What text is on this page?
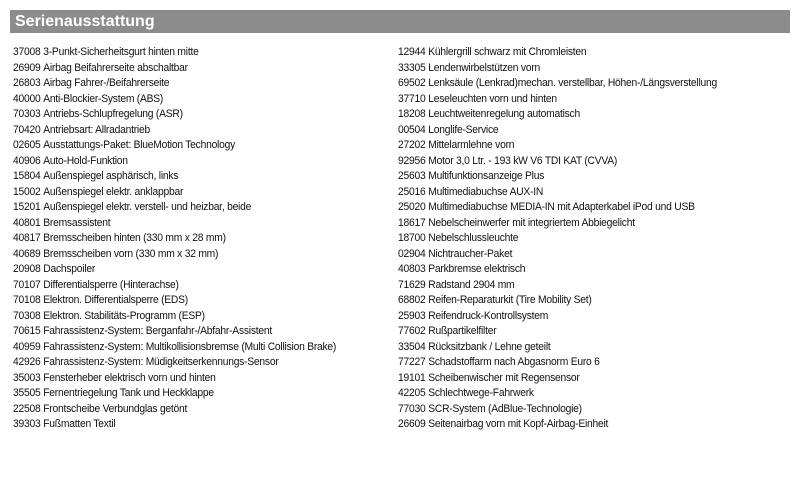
Serienausstattung
37008 3-Punkt-Sicherheitsgurt hinten mitte
26909 Airbag Beifahrerseite abschaltbar
26803 Airbag Fahrer-/Beifahrerseite
40000 Anti-Blockier-System (ABS)
70303 Antriebs-Schlupfregelung (ASR)
70420 Antriebsart: Allradantrieb
02605 Ausstattungs-Paket: BlueMotion Technology
40906 Auto-Hold-Funktion
15804 Außenspiegel asphärisch, links
15002 Außenspiegel elektr. anklappbar
15201 Außenspiegel elektr. verstell- und heizbar, beide
40801 Bremsassistent
40817 Bremsscheiben hinten (330 mm x 28 mm)
40689 Bremsscheiben vorn (330 mm x 32 mm)
20908 Dachspoiler
70107 Differentialsperre (Hinterachse)
70108 Elektron. Differentialsperre (EDS)
70308 Elektron. Stabilitäts-Programm (ESP)
70615 Fahrassistenz-System: Berganfahr-/Abfahr-Assistent
40959 Fahrassistenz-System: Multikollisionsbremse (Multi Collision Brake)
42926 Fahrassistenz-System: Müdigkeitserkennungs-Sensor
35003 Fensterheber elektrisch vorn und hinten
35505 Fernentriegelung Tank und Heckklappe
22508 Frontscheibe Verbundglas getönt
39303 Fußmatten Textil
12944 Kühlergrill schwarz mit Chromleisten
33305 Lendenwirbelstützen vorn
69502 Lenksäule (Lenkrad)mechan. verstellbar, Höhen-/Längsverstellung
37710 Leseleuchten vorn und hinten
18208 Leuchtweitenregelung automatisch
00504 Longlife-Service
27202 Mittelarmlehne vorn
92956 Motor 3,0 Ltr. - 193 kW V6 TDI KAT (CVVA)
25603 Multifunktionsanzeige Plus
25016 Multimediabuchse AUX-IN
25020 Multimediabuchse MEDIA-IN mit Adapterkabel iPod und USB
18617 Nebelscheinwerfer mit integriertem Abbiegelicht
18700 Nebelschlussleuchte
02904 Nichtraucher-Paket
40803 Parkbremse elektrisch
71629 Radstand 2904 mm
68802 Reifen-Reparaturkit (Tire Mobility Set)
25903 Reifendruck-Kontrollsystem
77602 Rußpartikelfilter
33504 Rücksitzbank / Lehne geteilt
77227 Schadstoffarm nach Abgasnorm Euro 6
19101 Scheibenwischer mit Regensensor
42205 Schlechtwege-Fahrwerk
77030 SCR-System (AdBlue-Technologie)
26609 Seitenairbag vorn mit Kopf-Airbag-Einheit
